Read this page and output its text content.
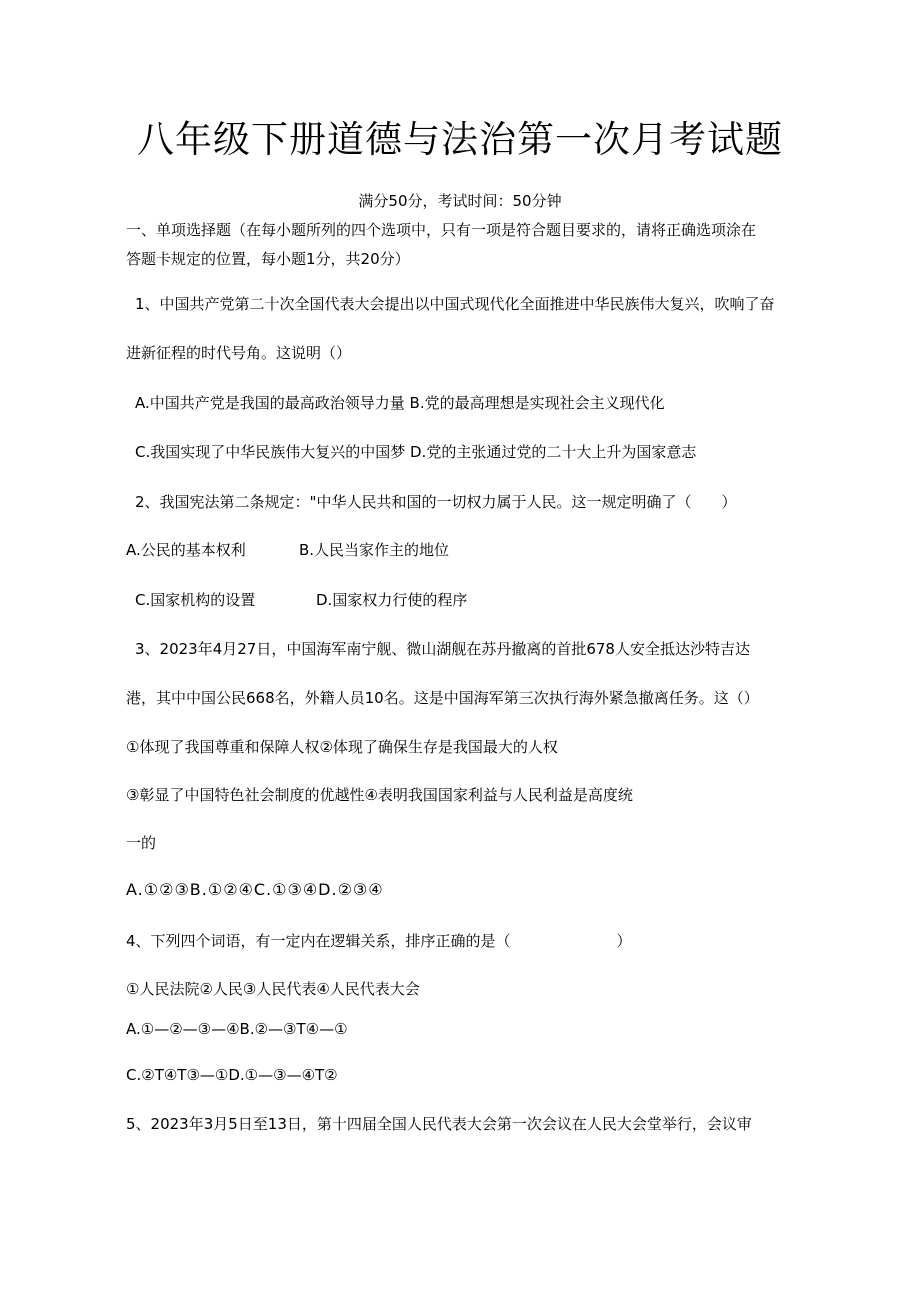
八年级下册道德与法治第一次月考试题
满分50分，考试时间：50分钟
一、单项选择题（在每小题所列的四个选项中，只有一项是符合题目要求的，请将正确选项涂在
答题卡规定的位置，每小题1分，共20分）
1、中国共产党第二十次全国代表大会提出以中国式现代化全面推进中华民族伟大复兴，吹响了奋
进新征程的时代号角。这说明（）
A.中国共产党是我国的最高政治领导力量 B.党的最高理想是实现社会主义现代化
C.我国实现了中华民族伟大复兴的中国梦 D.党的主张通过党的二十大上升为国家意志
2、我国宪法第二条规定："中华人民共和国的一切权力属于人民。这一规定明确了（　　）
A.公民的基本权利	B.人民当家作主的地位
C.国家机构的设置	D.国家权力行使的程序
3、2023年4月27日，中国海军南宁舰、微山湖舰在苏丹撤离的首批678人安全抵达沙特吉达
港，其中中国公民668名，外籍人员10名。这是中国海军第三次执行海外紧急撤离任务。这（）
①体现了我国尊重和保障人权②体现了确保生存是我国最大的人权
③彰显了中国特色社会制度的优越性④表明我国国家利益与人民利益是高度统
一的
A.①②③B.①②④C.①③④D.②③④
4、下列四个词语，有一定内在逻辑关系，排序正确的是（	）
①人民法院②人民③人民代表④人民代表大会
A.①—②—③—④B.②—③T④—①
C.②T④T③—①D.①—③—④T②
5、2023年3月5日至13日，第十四届全国人民代表大会第一次会议在人民大会堂举行，会议审
